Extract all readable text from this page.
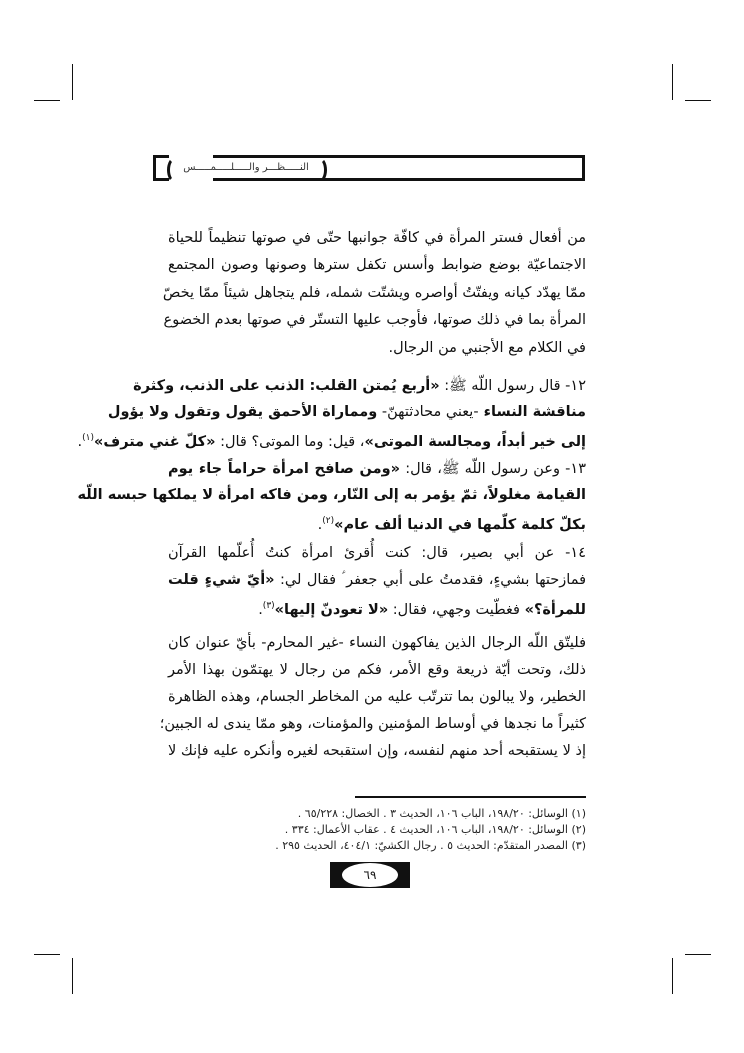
النـــــظـــر والـــــلـــــمـــــس
من أفعال فستر المرأة في كافّة جوانبها حتّى في صوتها تنظيماً للحياة
الاجتماعيّة بوضع ضوابط وأسس تكفل سترها وصونها وصون المجتمع
ممّا يهدّد كيانه ويفتّتُ أواصره ويشتّت شمله، فلم يتجاهل شيئاً ممّا يخصّ
المرأة بما في ذلك صوتها، فأوجب عليها التستّر في صوتها بعدم الخضوع
في الكلام مع الأجنبي من الرجال.
١٢- قال رسول اللّه ﷺ: «أربع يُمتن القلب: الذنب على الذنب، وكثرة
مناقشة النساء -يعني محادثتهنّ- ومماراة الأحمق يقول وتقول ولا يؤول
إلى خير أبداً، ومجالسة الموتى»، قيل: وما الموتى؟ قال: «كلّ غني مترف»$^{(١)}$.
١٣- وعن رسول اللّه ﷺ، قال: «ومن صافح امرأة حراماً جاء يوم
القيامة مغلولاً، ثمّ يؤمر به إلى النّار، ومن فاكه امرأة لا يملكها حبسه اللّه
بكلّ كلمة كلّمها في الدنيا ألف عام»$^{(٢)}$.
١٤- عن أبي بصير، قال: كنت أُقرئ امرأة كنتُ أُعلّمها القرآن
فمازحتها بشيءٍ، فقدمتُ على أبي جعفر ؑ فقال لي: «أيّ شيءٍ قلت
للمرأة؟» فغطّيت وجهي، فقال: «لا تعودنّ إليها»$^{(٣)}$.
فليتّق اللّه الرجال الذين يفاكهون النساء -غير المحارم- بأيّ عنوان كان
ذلك، وتحت أيّة ذريعة وقع الأمر، فكم من رجال لا يهتمّون بهذا الأمر
الخطير، ولا يبالون بما تترتّب عليه من المخاطر الجسام، وهذه الظاهرة
كثيراً ما نجدها في أوساط المؤمنين والمؤمنات، وهو ممّا يندى له الجبين؛
إذ لا يستقبحه أحد منهم لنفسه، وإن استقبحه لغيره وأنكره عليه فإنك لا
(١) الوسائل: ١٩٨/٢٠، الباب ١٠٦، الحديث ٣ . الخصال: ٦٥/٢٢٨ .
(٢) الوسائل: ١٩٨/٢٠، الباب ١٠٦، الحديث ٤ . عقاب الأعمال: ٣٣٤ .
(٣) المصدر المتقدّم: الحديث ٥ . رجال الكشيّ: ٤٠٤/١، الحديث ٢٩٥ .
٦٩
